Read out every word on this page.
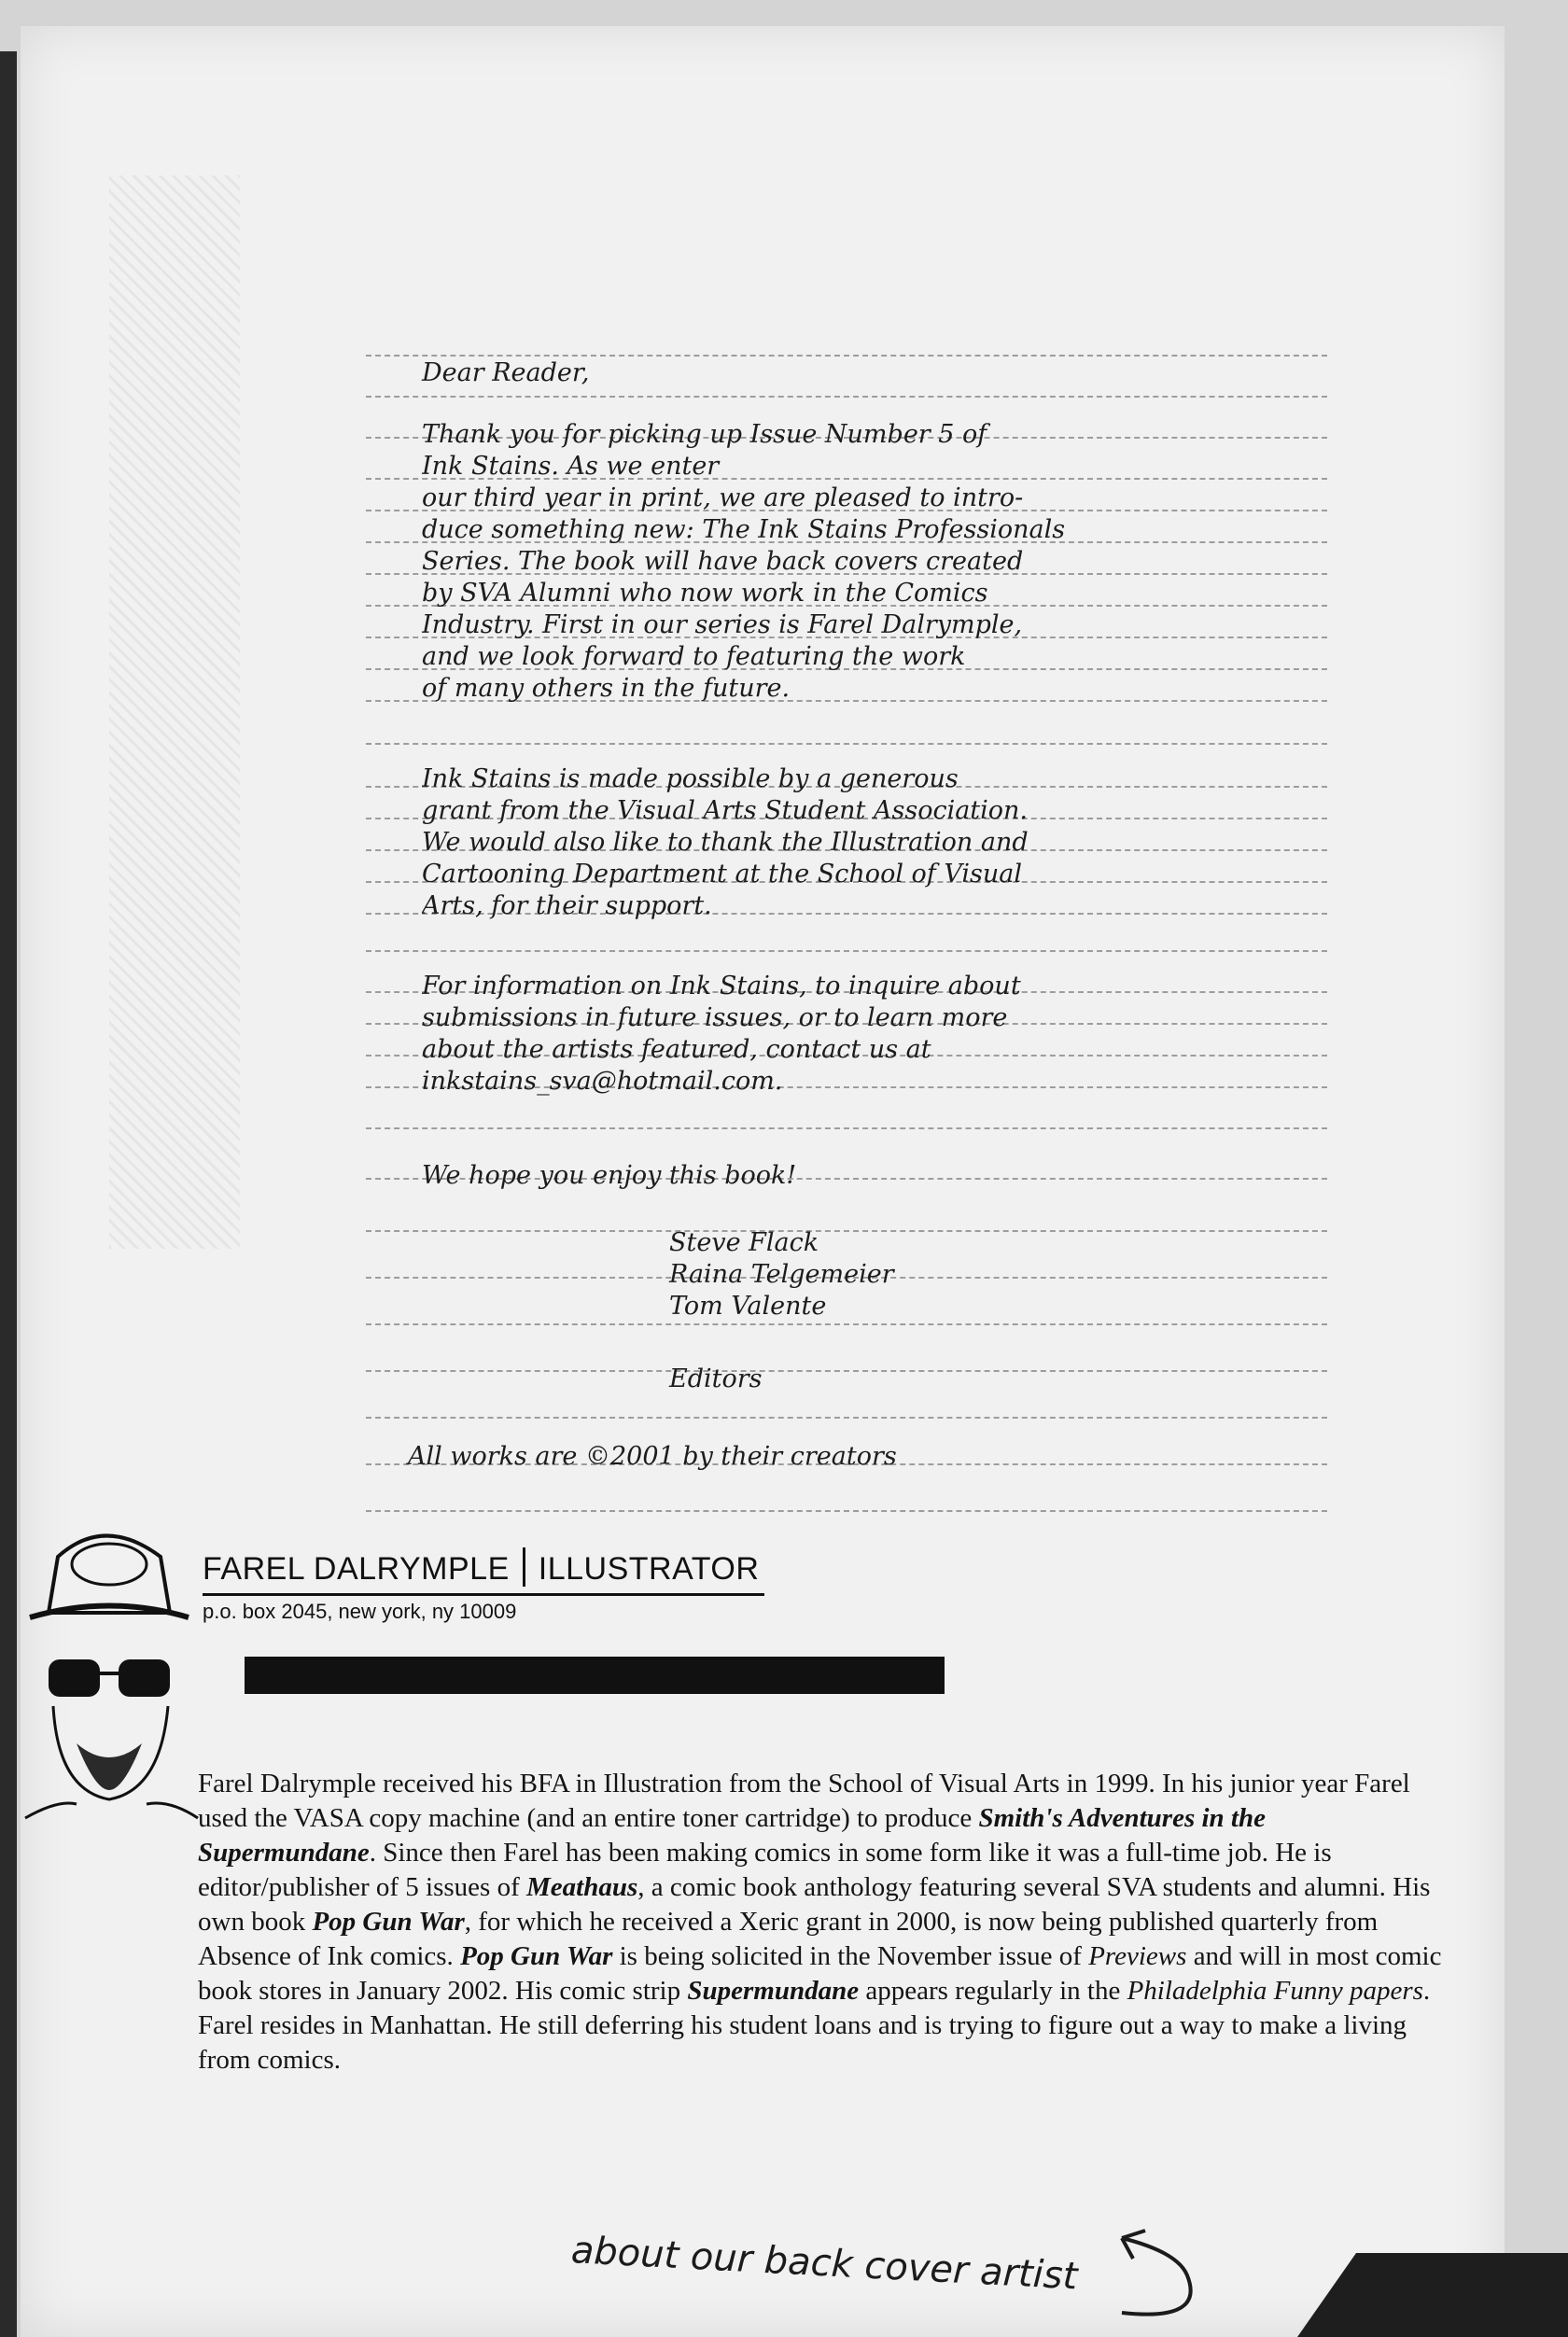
Dear Reader,
Thank you for picking up Issue Number 5 of
Ink Stains. As we enter
our third year in print, we are pleased to intro-
duce something new: The Ink Stains Professionals
Series. The book will have back covers created
by SVA Alumni who now work in the Comics
Industry. First in our series is Farel Dalrymple,
and we look forward to featuring the work
of many others in the future.
Ink Stains is made possible by a generous
grant from the Visual Arts Student Association.
We would also like to thank the Illustration and
Cartooning Department at the School of Visual
Arts, for their support.
For information on Ink Stains, to inquire about
submissions in future issues, or to learn more
about the artists featured, contact us at
inkstains_sva@hotmail.com.
We hope you enjoy this book!
Steve Flack
Raina Telgemeier
Tom Valente
Editors
All works are ©2001 by their creators
FAREL DALRYMPLE ILLUSTRATOR
p.o. box 2045, new york, ny 10009
Farel Dalrymple received his BFA in Illustration from the School of Visual Arts in 1999. In his junior year Farel used the VASA copy machine (and an entire toner cartridge) to produce Smith's Adventures in the Supermundane. Since then Farel has been making comics in some form like it was a full-time job. He is editor/publisher of 5 issues of Meathaus, a comic book anthology featuring several SVA students and alumni. His own book Pop Gun War, for which he received a Xeric grant in 2000, is now being published quarterly from Absence of Ink comics. Pop Gun War is being solicited in the November issue of Previews and will in most comic book stores in January 2002. His comic strip Supermundane appears regularly in the Philadelphia Funny papers. Farel resides in Manhattan. He still deferring his student loans and is trying to figure out a way to make a living from comics.
about our back cover artist
